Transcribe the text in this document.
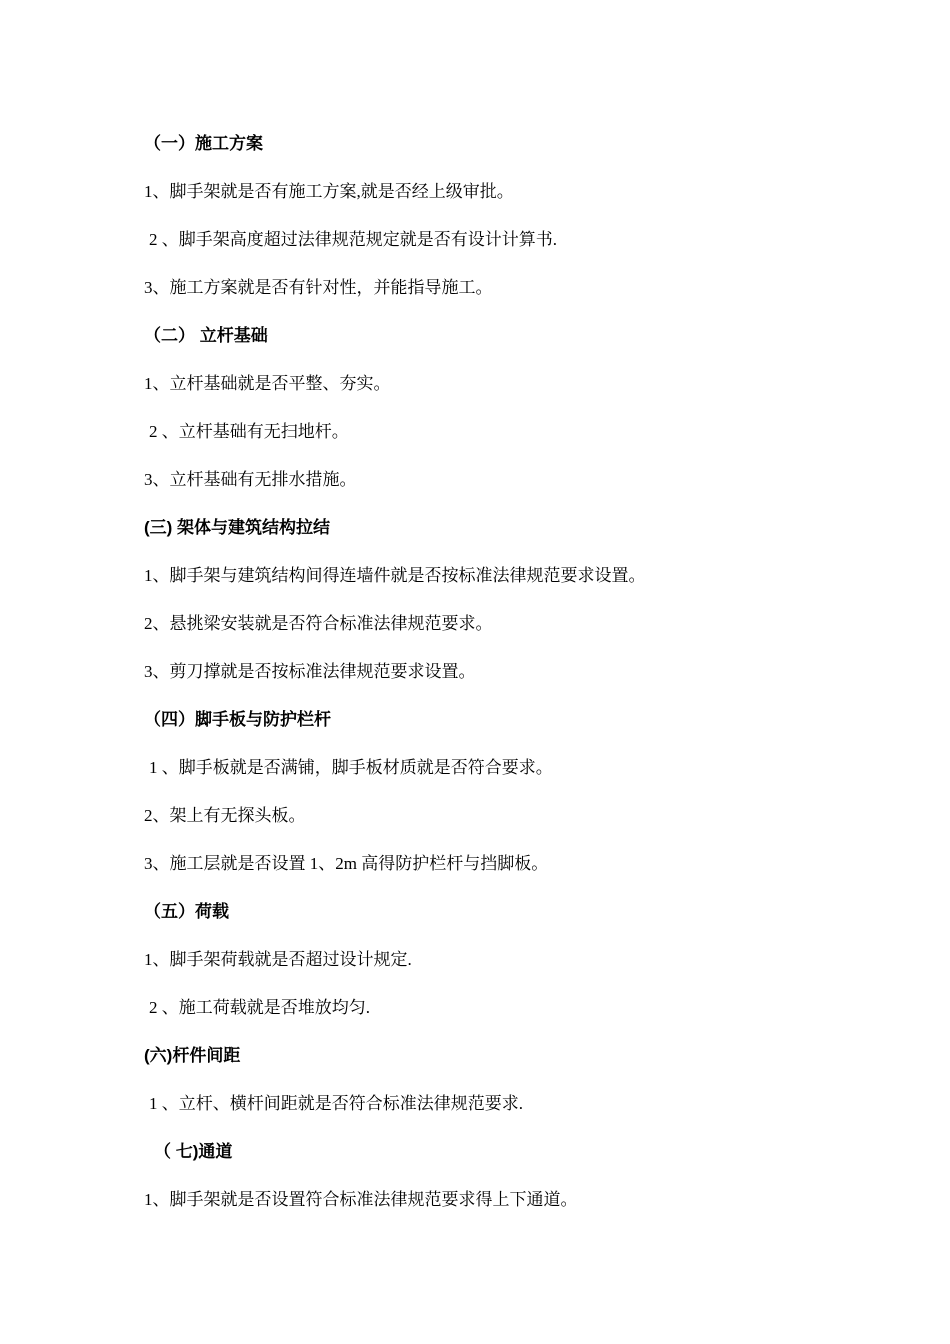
（一）施工方案
1、脚手架就是否有施工方案,就是否经上级审批。
2 、脚手架高度超过法律规范规定就是否有设计计算书.
3、施工方案就是否有针对性，并能指导施工。
（二） 立杆基础
1、立杆基础就是否平整、夯实。
2 、立杆基础有无扫地杆。
3、立杆基础有无排水措施。
(三) 架体与建筑结构拉结
1、脚手架与建筑结构间得连墙件就是否按标准法律规范要求设置。
2、悬挑梁安装就是否符合标准法律规范要求。
3、剪刀撑就是否按标准法律规范要求设置。
（四）脚手板与防护栏杆
1 、脚手板就是否满铺，脚手板材质就是否符合要求。
2、架上有无探头板。
3、施工层就是否设置 1、2m 高得防护栏杆与挡脚板。
（五）荷载
1、脚手架荷载就是否超过设计规定.
2 、施工荷载就是否堆放均匀.
(六)杆件间距
1 、立杆、横杆间距就是否符合标准法律规范要求.
（ 七)通道
1、脚手架就是否设置符合标准法律规范要求得上下通道。
